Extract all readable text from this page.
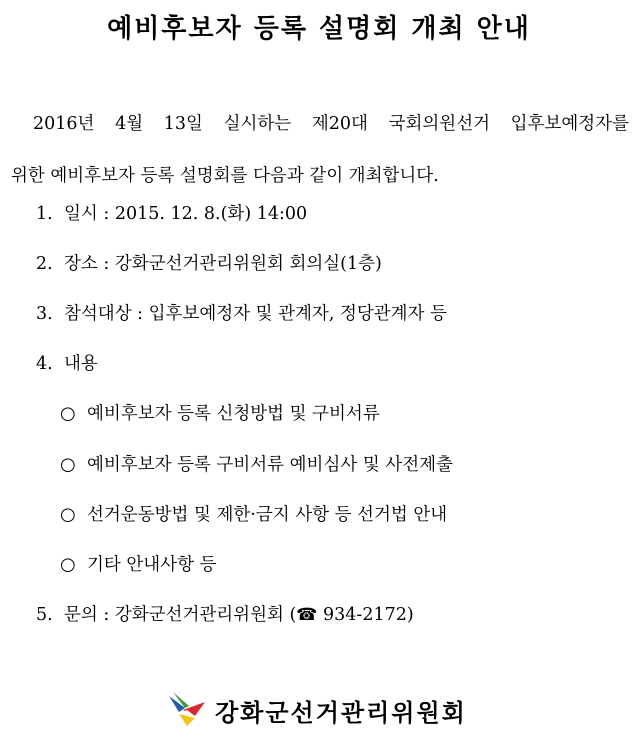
예비후보자 등록 설명회 개최 안내
2016년 4월 13일 실시하는 제20대 국회의원선거 입후보예정자를
위한 예비후보자 등록 설명회를 다음과 같이 개최합니다.
1. 일시 : 2015. 12. 8.(화) 14:00
2. 장소 : 강화군선거관리위원회 회의실(1층)
3. 참석대상 : 입후보예정자 및 관계자, 정당관계자 등
4. 내용
○ 예비후보자 등록 신청방법 및 구비서류
○ 예비후보자 등록 구비서류 예비심사 및 사전제출
○ 선거운동방법 및 제한·금지 사항 등 선거법 안내
○ 기타 안내사항 등
5. 문의 : 강화군선거관리위원회 (☎ 934-2172)
강화군선거관리위원회
